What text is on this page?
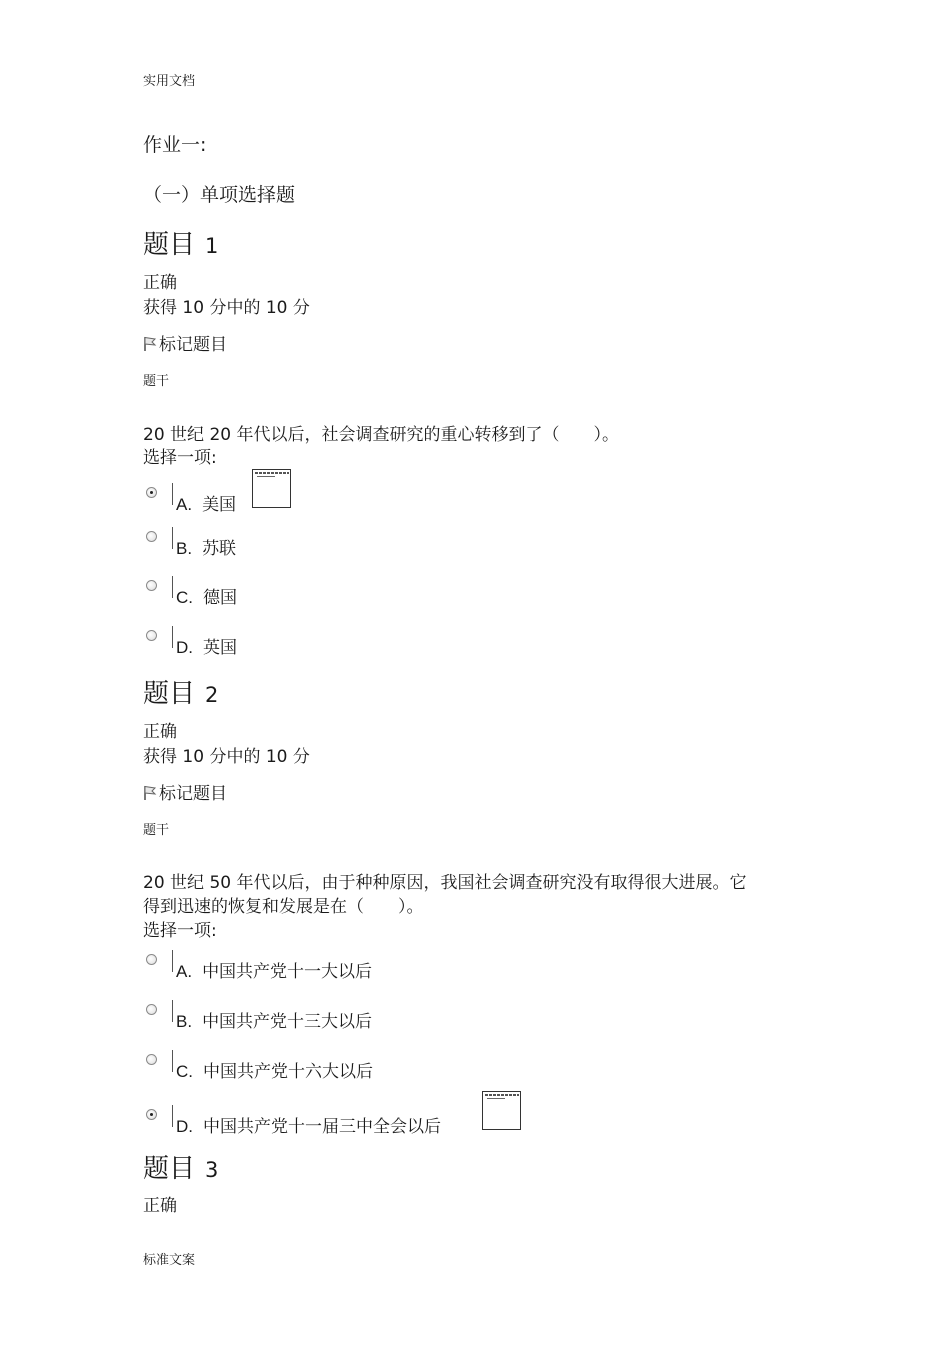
实用文档
作业一:
（一）单项选择题
题目 1
正确
获得 10 分中的 10 分
标记题目
题干
20 世纪 20 年代以后，社会调查研究的重心转移到了（　　）。
选择一项:
A. 美国
B. 苏联
C. 德国
D. 英国
题目 2
正确
获得 10 分中的 10 分
标记题目
题干
20 世纪 50 年代以后，由于种种原因，我国社会调查研究没有取得很大进展。它
得到迅速的恢复和发展是在（　　）。
选择一项:
A. 中国共产党十一大以后
B. 中国共产党十三大以后
C. 中国共产党十六大以后
D. 中国共产党十一届三中全会以后
题目 3
正确
标准文案
